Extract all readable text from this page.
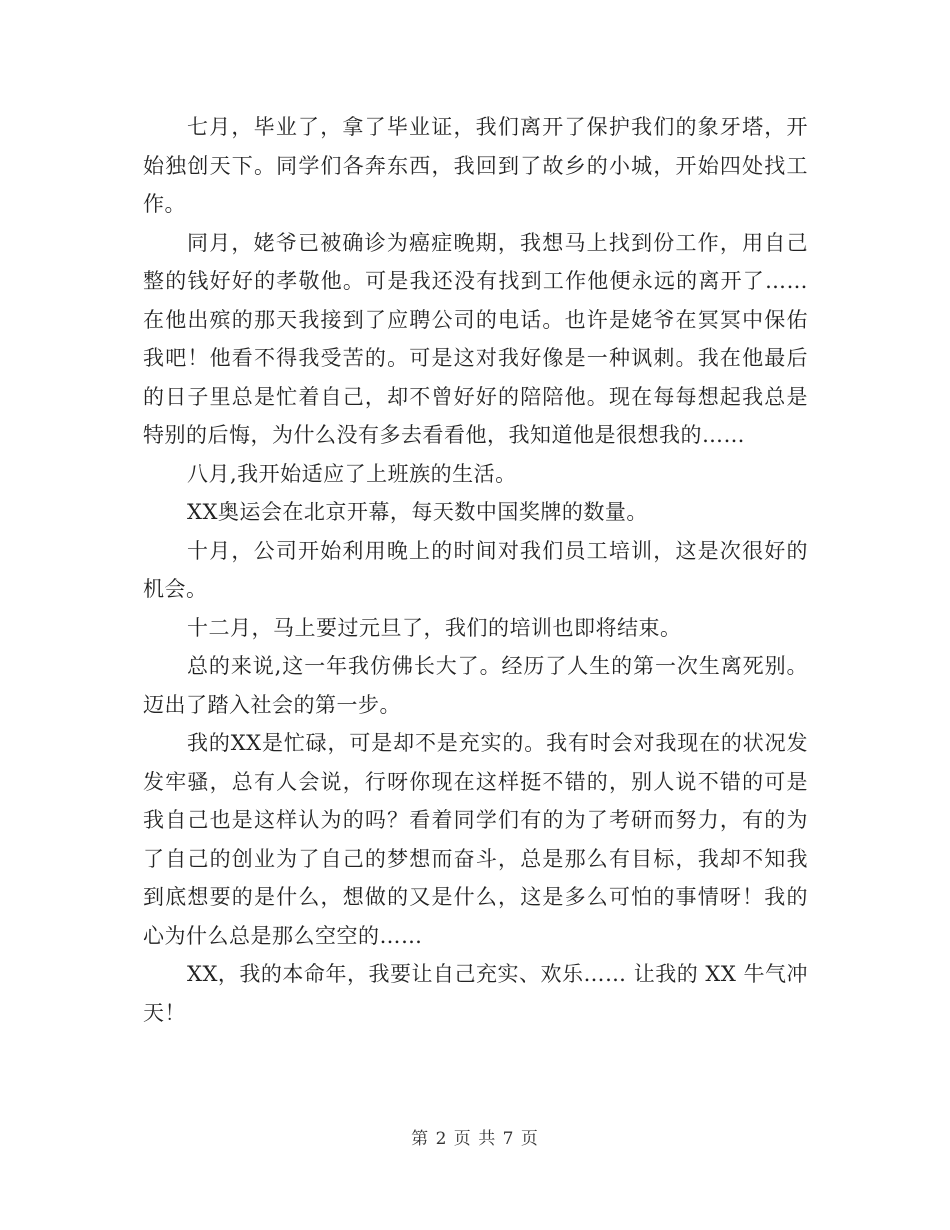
七月，毕业了，拿了毕业证，我们离开了保护我们的象牙塔，开始独创天下。同学们各奔东西，我回到了故乡的小城，开始四处找工作。

同月，姥爷已被确诊为癌症晚期，我想马上找到份工作，用自己整的钱好好的孝敬他。可是我还没有找到工作他便永远的离开了……在他出殡的那天我接到了应聘公司的电话。也许是姥爷在冥冥中保佑我吧！他看不得我受苦的。可是这对我好像是一种讽刺。我在他最后的日子里总是忙着自己，却不曾好好的陪陪他。现在每每想起我总是特别的后悔，为什么没有多去看看他，我知道他是很想我的……

八月,我开始适应了上班族的生活。

XX奥运会在北京开幕，每天数中国奖牌的数量。

十月，公司开始利用晚上的时间对我们员工培训，这是次很好的机会。

十二月，马上要过元旦了，我们的培训也即将结束。

总的来说,这一年我仿佛长大了。经历了人生的第一次生离死别。迈出了踏入社会的第一步。

我的XX是忙碌，可是却不是充实的。我有时会对我现在的状况发发牢骚，总有人会说，行呀你现在这样挺不错的，别人说不错的可是我自己也是这样认为的吗？看着同学们有的为了考研而努力，有的为了自己的创业为了自己的梦想而奋斗，总是那么有目标，我却不知我到底想要的是什么，想做的又是什么，这是多么可怕的事情呀！我的心为什么总是那么空空的……

XX，我的本命年，我要让自己充实、欢乐…… 让我的 XX 牛气冲天！

第 2 页 共 7 页
